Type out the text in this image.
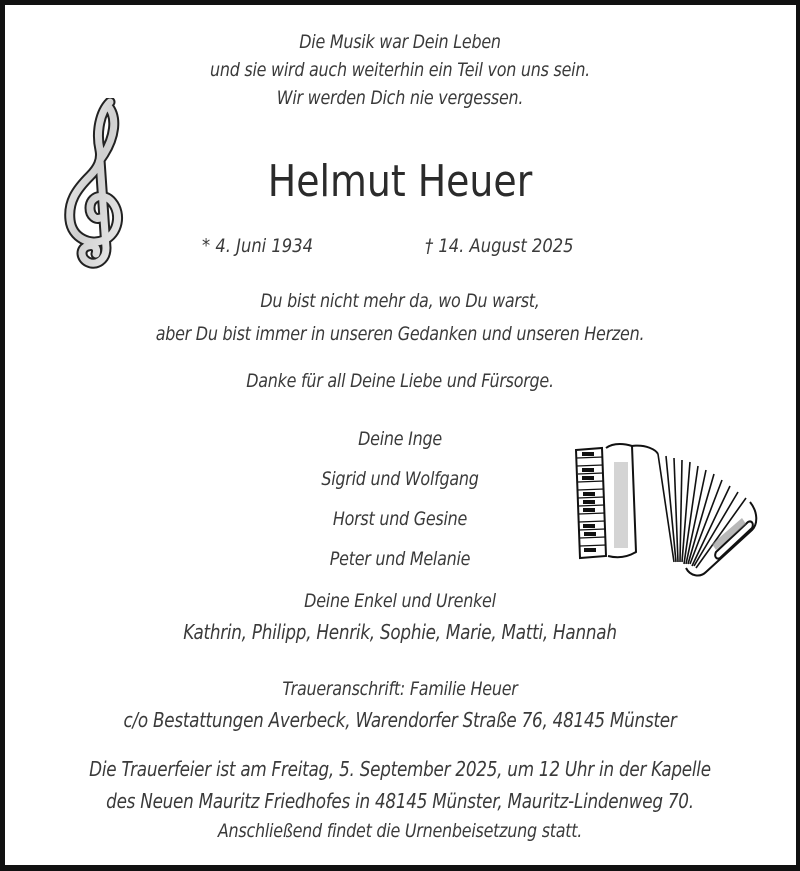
Die Musik war Dein Leben
und sie wird auch weiterhin ein Teil von uns sein.
Wir werden Dich nie vergessen.
Helmut Heuer
* 4. Juni 1934	† 14. August 2025
Du bist nicht mehr da, wo Du warst,
aber Du bist immer in unseren Gedanken und unseren Herzen.
Danke für all Deine Liebe und Fürsorge.
Deine Inge
Sigrid und Wolfgang
Horst und Gesine
Peter und Melanie
Deine Enkel und Urenkel
Kathrin, Philipp, Henrik, Sophie, Marie, Matti, Hannah
Traueranschrift: Familie Heuer
c/o Bestattungen Averbeck, Warendorfer Straße 76, 48145 Münster
Die Trauerfeier ist am Freitag, 5. September 2025, um 12 Uhr in der Kapelle
des Neuen Mauritz Friedhofes in 48145 Münster, Mauritz-Lindenweg 70.
Anschließend findet die Urnenbeisetzung statt.
